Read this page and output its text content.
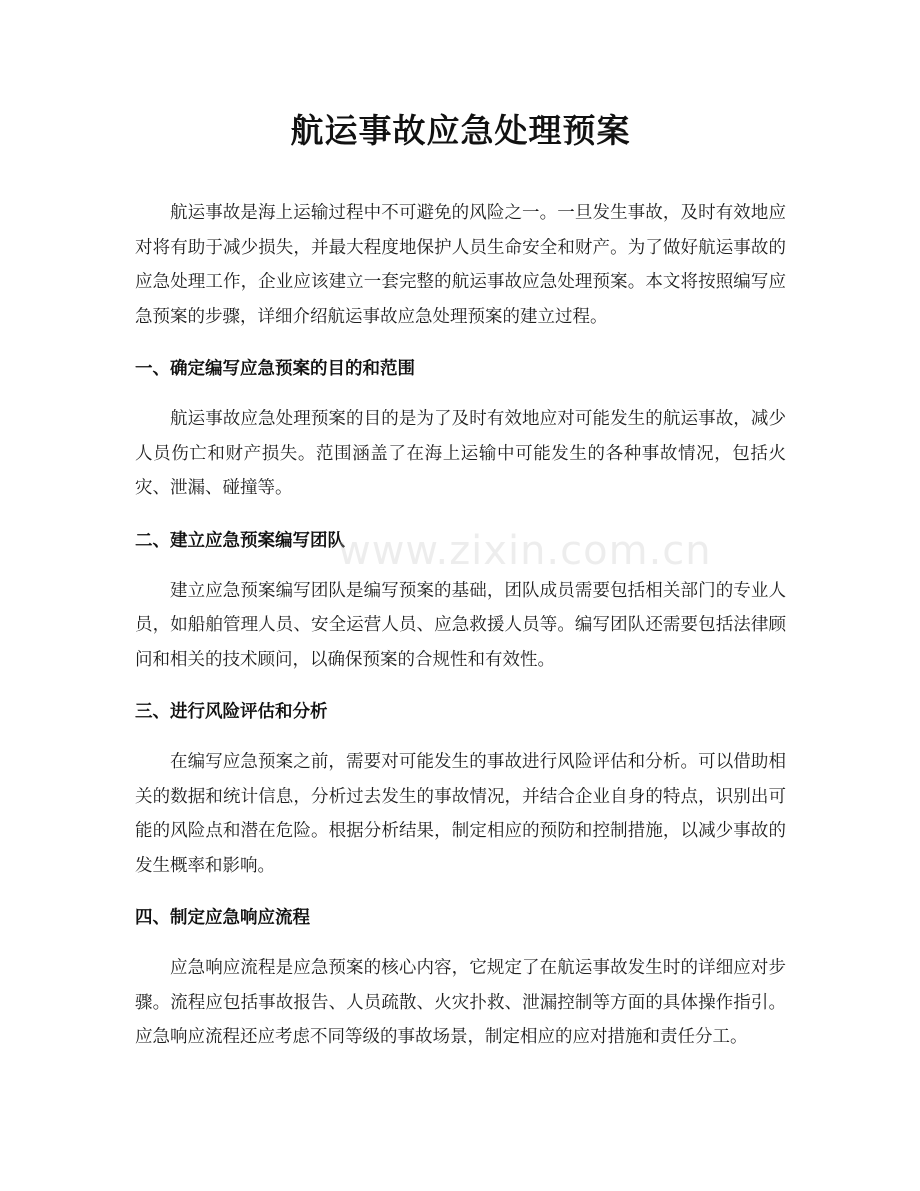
航运事故应急处理预案

航运事故是海上运输过程中不可避免的风险之一。一旦发生事故，及时有效地应对将有助于减少损失，并最大程度地保护人员生命安全和财产。为了做好航运事故的应急处理工作，企业应该建立一套完整的航运事故应急处理预案。本文将按照编写应急预案的步骤，详细介绍航运事故应急处理预案的建立过程。

一、确定编写应急预案的目的和范围

航运事故应急处理预案的目的是为了及时有效地应对可能发生的航运事故，减少人员伤亡和财产损失。范围涵盖了在海上运输中可能发生的各种事故情况，包括火灾、泄漏、碰撞等。

二、建立应急预案编写团队

建立应急预案编写团队是编写预案的基础，团队成员需要包括相关部门的专业人员，如船舶管理人员、安全运营人员、应急救援人员等。编写团队还需要包括法律顾问和相关的技术顾问，以确保预案的合规性和有效性。

三、进行风险评估和分析

在编写应急预案之前，需要对可能发生的事故进行风险评估和分析。可以借助相关的数据和统计信息，分析过去发生的事故情况，并结合企业自身的特点，识别出可能的风险点和潜在危险。根据分析结果，制定相应的预防和控制措施，以减少事故的发生概率和影响。

四、制定应急响应流程

应急响应流程是应急预案的核心内容，它规定了在航运事故发生时的详细应对步骤。流程应包括事故报告、人员疏散、火灾扑救、泄漏控制等方面的具体操作指引。应急响应流程还应考虑不同等级的事故场景，制定相应的应对措施和责任分工。

www.zixin.com.cn
